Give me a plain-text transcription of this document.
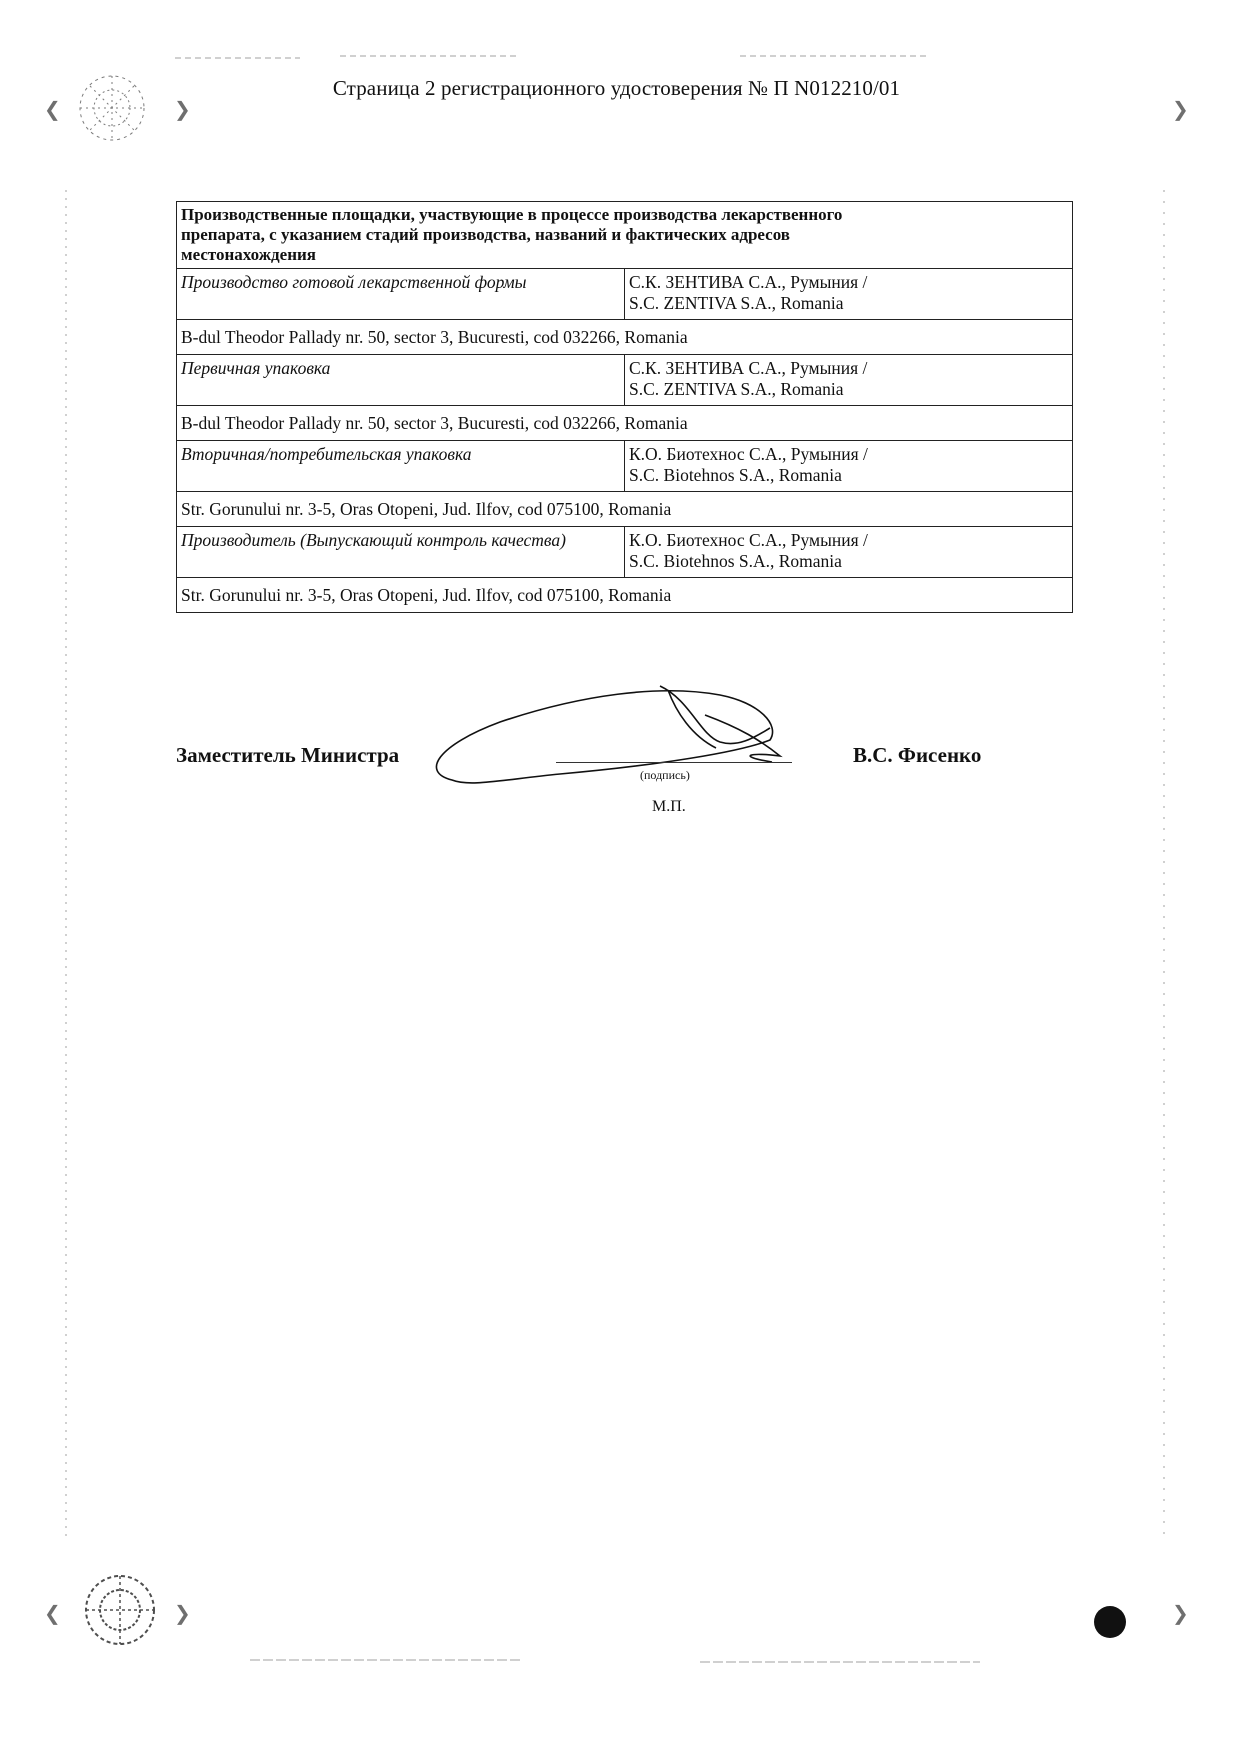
❮	❯	❯
❮	❯	❯
Страница 2 регистрационного удостоверения № П N012210/01
Производственные площадки, участвующие в процессе производства лекарственного
препарата, с указанием стадий производства, названий и фактических адресов
местонахождения	

Производство готовой лекарственной формы	С.К. ЗЕНТИВА С.А., Румыния /
S.C. ZENTIVA S.A., Romania

B-dul Theodor Pallady nr. 50, sector 3, Bucuresti, cod 032266, Romania	
Первичная упаковка	С.К. ЗЕНТИВА С.А., Румыния /
S.C. ZENTIVA S.A., Romania

B-dul Theodor Pallady nr. 50, sector 3, Bucuresti, cod 032266, Romania	
Вторичная/потребительская упаковка	К.О. Биотехнос С.А., Румыния /
S.C. Biotehnos S.A., Romania

Str. Gorunului nr. 3-5, Oras Otopeni, Jud. Ilfov, cod 075100, Romania	
Производитель (Выпускающий контроль качества)	К.О. Биотехнос С.А., Румыния /
S.C. Biotehnos S.A., Romania

Str. Gorunului nr. 3-5, Oras Otopeni, Jud. Ilfov, cod 075100, Romania	
Заместитель Министра
(подпись)
В.С. Фисенко
М.П.
